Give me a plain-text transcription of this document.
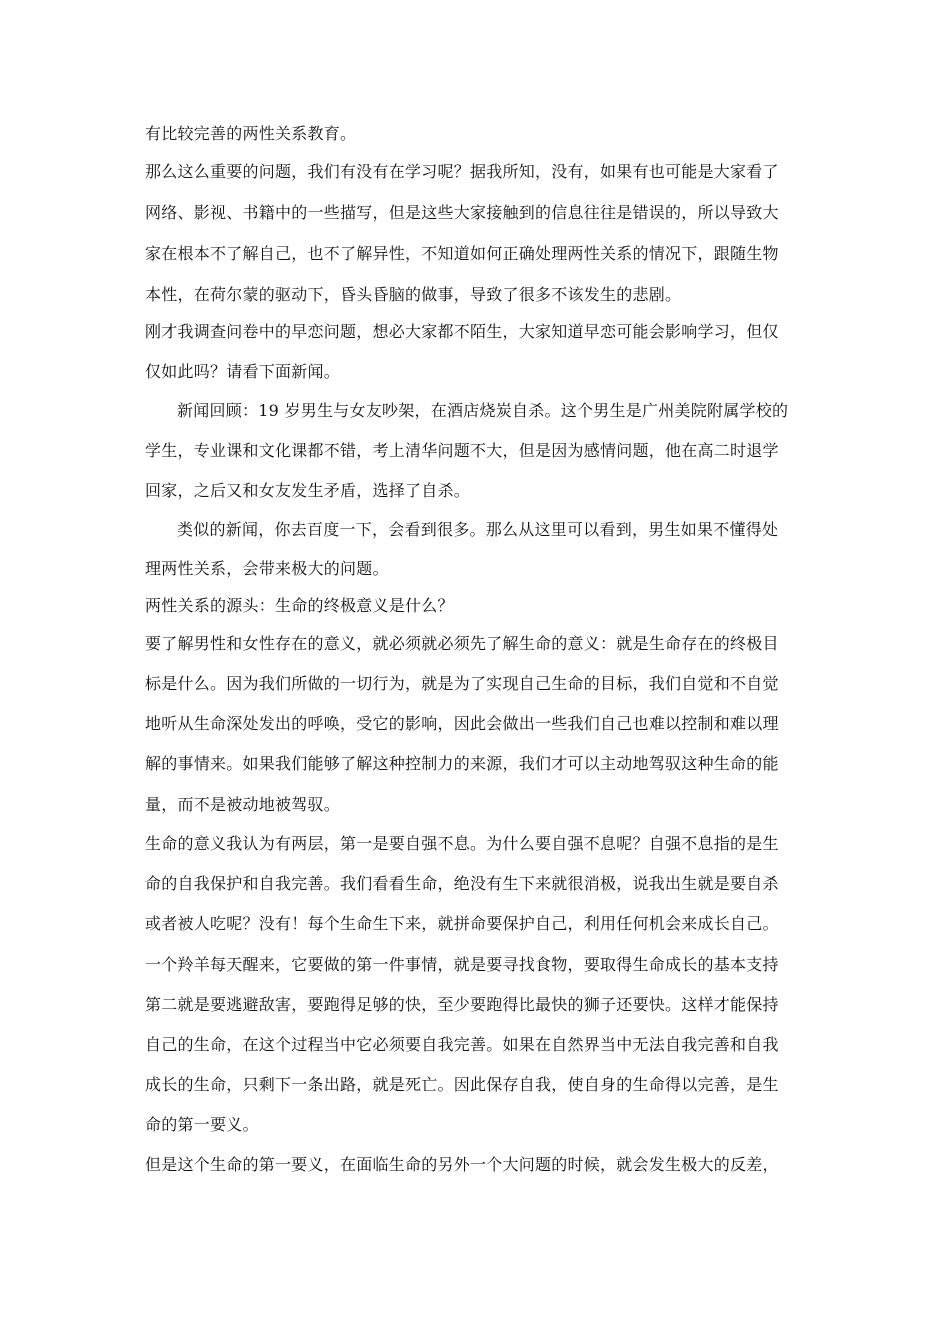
有比较完善的两性关系教育。
那么这么重要的问题，我们有没有在学习呢？据我所知，没有，如果有也可能是大家看了
网络、影视、书籍中的一些描写，但是这些大家接触到的信息往往是错误的，所以导致大
家在根本不了解自己，也不了解异性，不知道如何正确处理两性关系的情况下，跟随生物
本性，在荷尔蒙的驱动下，昏头昏脑的做事，导致了很多不该发生的悲剧。
刚才我调查问卷中的早恋问题，想必大家都不陌生，大家知道早恋可能会影响学习，但仅
仅如此吗？请看下面新闻。
新闻回顾：19 岁男生与女友吵架，在酒店烧炭自杀。这个男生是广州美院附属学校的
学生，专业课和文化课都不错，考上清华问题不大，但是因为感情问题，他在高二时退学
回家，之后又和女友发生矛盾，选择了自杀。
类似的新闻，你去百度一下，会看到很多。那么从这里可以看到，男生如果不懂得处
理两性关系，会带来极大的问题。
两性关系的源头：生命的终极意义是什么？
要了解男性和女性存在的意义，就必须就必须先了解生命的意义：就是生命存在的终极目
标是什么。因为我们所做的一切行为，就是为了实现自己生命的目标，我们自觉和不自觉
地听从生命深处发出的呼唤，受它的影响，因此会做出一些我们自己也难以控制和难以理
解的事情来。如果我们能够了解这种控制力的来源，我们才可以主动地驾驭这种生命的能
量，而不是被动地被驾驭。
生命的意义我认为有两层，第一是要自强不息。为什么要自强不息呢？自强不息指的是生
命的自我保护和自我完善。我们看看生命，绝没有生下来就很消极，说我出生就是要自杀
或者被人吃呢？没有！每个生命生下来，就拼命要保护自己，利用任何机会来成长自己。
一个羚羊每天醒来，它要做的第一件事情，就是要寻找食物，要取得生命成长的基本支持
第二就是要逃避敌害，要跑得足够的快，至少要跑得比最快的狮子还要快。这样才能保持
自己的生命，在这个过程当中它必须要自我完善。如果在自然界当中无法自我完善和自我
成长的生命，只剩下一条出路，就是死亡。因此保存自我，使自身的生命得以完善，是生
命的第一要义。
但是这个生命的第一要义，在面临生命的另外一个大问题的时候，就会发生极大的反差，
